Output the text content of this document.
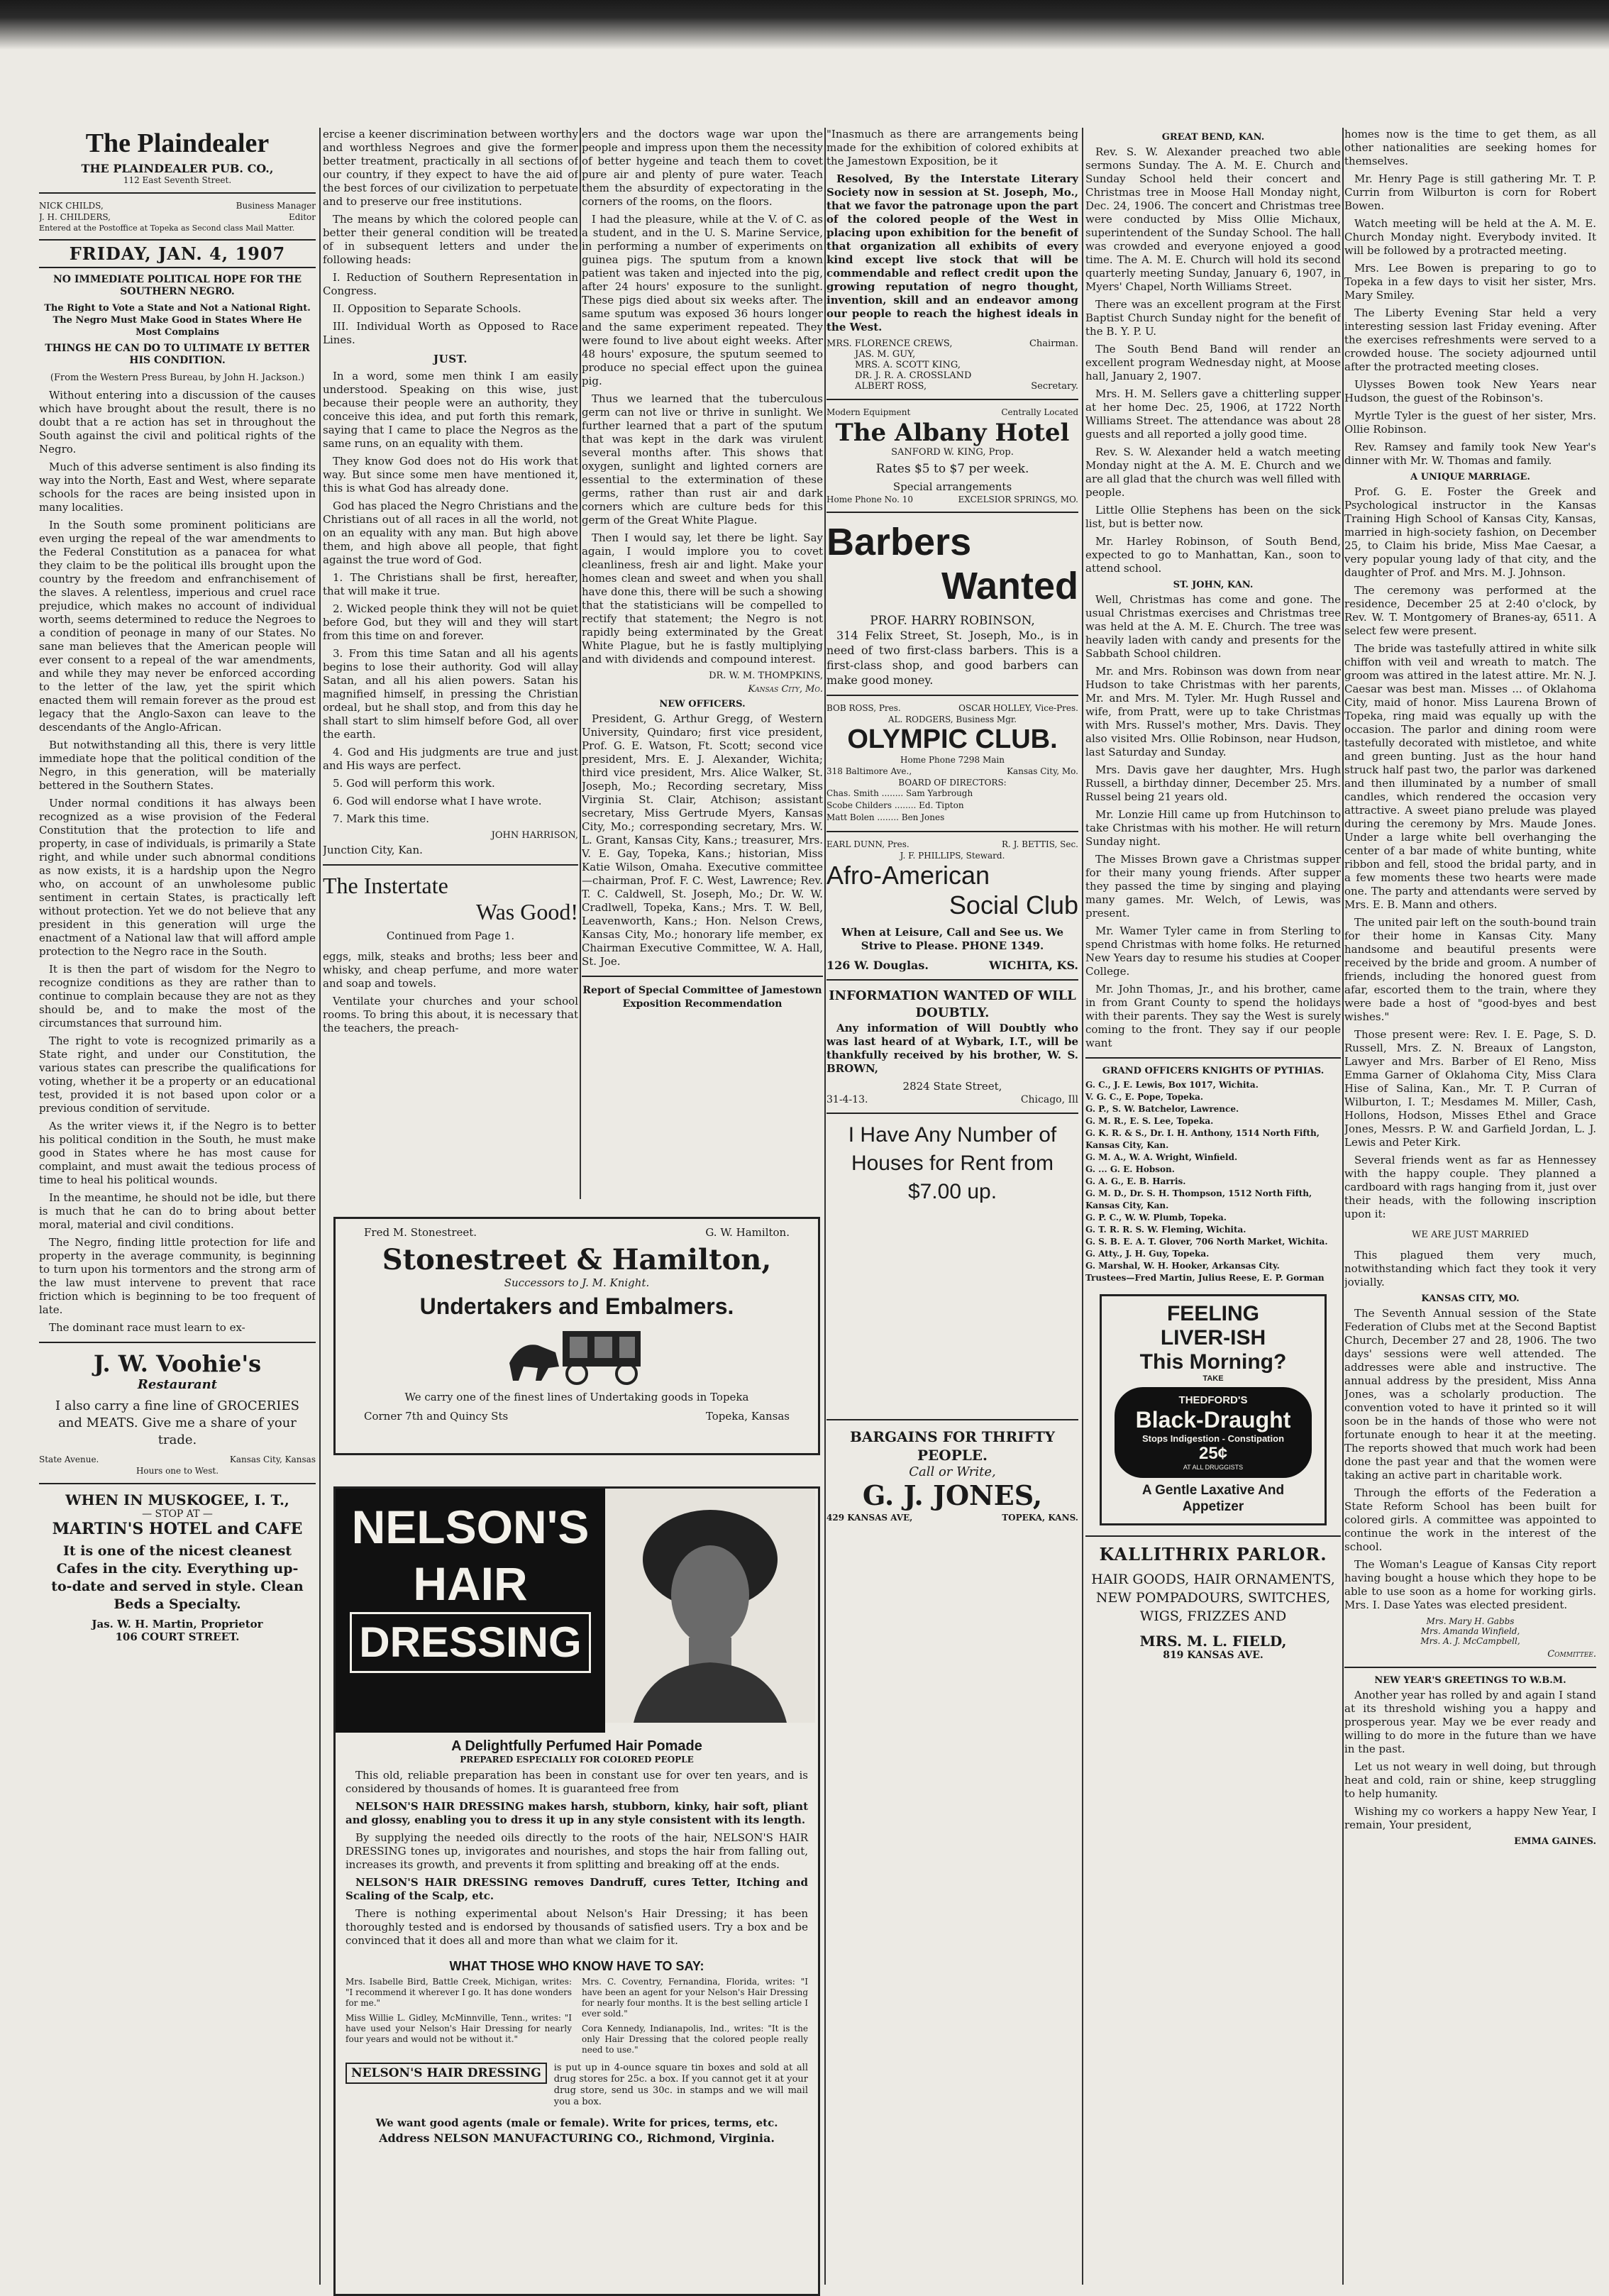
The Plaindealer
THE PLAINDEALER PUB. CO.,
112 East Seventh Street.
NICK CHILDS,	Business Manager
J. H. CHILDERS,	Editor

Entered at the Postoffice at Topeka as Second class Mail Matter.

FRIDAY, JAN. 4, 1907
NO IMMEDIATE POLITICAL HOPE FOR THE SOUTHERN NEGRO.

The Right to Vote a State and Not a National Right. The Negro Must Make Good in States Where He Most Complains

THINGS HE CAN DO TO ULTIMATE LY BETTER HIS CONDITION.

(From the Western Press Bureau, by John H. Jackson.)

Without entering into a discussion of the causes which have brought about the result, there is no doubt that a re action has set in throughout the South against the civil and political rights of the Negro.

Much of this adverse sentiment is also finding its way into the North, East and West, where separate schools for the races are being insisted upon in many localities.

In the South some prominent politicians are even urging the repeal of the war amendments to the Federal Constitution as a panacea for what they claim to be the political ills brought upon the country by the freedom and enfranchisement of the slaves. A relentless, imperious and cruel race prejudice, which makes no account of individual worth, seems determined to reduce the Negroes to a condition of peonage in many of our States. No sane man believes that the American people will ever consent to a repeal of the war amendments, and while they may never be enforced according to the letter of the law, yet the spirit which enacted them will remain forever as the proud est legacy that the Anglo-Saxon can leave to the descendants of the Anglo-African.

But notwithstanding all this, there is very little immediate hope that the political condition of the Negro, in this generation, will be materially bettered in the Southern States.

Under normal conditions it has always been recognized as a wise provision of the Federal Constitution that the protection to life and property, in case of individuals, is primarily a State right, and while under such abnormal conditions as now exists, it is a hardship upon the Negro who, on account of an unwholesome public sentiment in certain States, is practically left without protection. Yet we do not believe that any president in this generation will urge the enactment of a National law that will afford ample protection to the Negro race in the South.

It is then the part of wisdom for the Negro to recognize conditions as they are rather than to continue to complain because they are not as they should be, and to make the most of the circumstances that surround him.

The right to vote is recognized primarily as a State right, and under our Constitution, the various states can prescribe the qualifications for voting, whether it be a property or an educational test, provided it is not based upon color or a previous condition of servitude.

As the writer views it, if the Negro is to better his political condition in the South, he must make good in States where he has most cause for complaint, and must await the tedious process of time to heal his political wounds.

In the meantime, he should not be idle, but there is much that he can do to bring about better moral, material and civil conditions.

The Negro, finding little protection for life and property in the average community, is beginning to turn upon his tormentors and the strong arm of the law must intervene to prevent that race friction which is beginning to be too frequent of late.

The dominant race must learn to ex-

J. W. Voohie's
Restaurant

I also carry a fine line of GROCERIES and MEATS. Give me a share of your trade.

State Avenue.	Kansas City, Kansas
Hours one to West.
WHEN IN MUSKOGEE, I. T.,
— STOP AT —
MARTIN'S HOTEL and CAFE

It is one of the nicest cleanest Cafes in the city. Everything up-to-date and served in style. Clean Beds a Specialty.

Jas. W. H. Martin, Proprietor
106 COURT STREET.

ercise a keener discrimination between worthy and worthless Negroes and give the former better treatment, practically in all sections of our country, if they expect to have the aid of the best forces of our civilization to perpetuate and to preserve our free institutions.

The means by which the colored people can better their general condition will be treated of in subsequent letters and under the following heads:

I. Reduction of Southern Representation in Congress.

II. Opposition to Separate Schools.

III. Individual Worth as Opposed to Race Lines.

JUST.

In a word, some men think I am easily understood. Speaking on this wise, just because their people were an authority, they conceive this idea, and put forth this remark, saying that I came to place the Negros as the same runs, on an equality with them.

They know God does not do His work that way. But since some men have mentioned it, this is what God has already done.

God has placed the Negro Christians and the Christians out of all races in all the world, not on an equality with any man. But high above them, and high above all people, that fight against the true word of God.

1. The Christians shall be first, hereafter, that will make it true.

2. Wicked people think they will not be quiet before God, but they will and they will start from this time on and forever.

3. From this time Satan and all his agents begins to lose their authority. God will allay Satan, and all his alien powers. Satan his magnified himself, in pressing the Christian ordeal, but he shall stop, and from this day he shall start to slim himself before God, all over the earth.

4. God and His judgments are true and just and His ways are perfect.

5. God will perform this work.

6. God will endorse what I have wrote.

7. Mark this time.

JOHN HARRISON,

Junction City, Kan.

The Instertate
Was Good!

Continued from Page 1.

eggs, milk, steaks and broths; less beer and whisky, and cheap perfume, and more water and soap and towels.

Ventilate your churches and your school rooms. To bring this about, it is necessary that the teachers, the preach-

ers and the doctors wage war upon the people and impress upon them the necessity of better hygeine and teach them to covet pure air and plenty of pure water. Teach them the absurdity of expectorating in the corners of the rooms, on the floors.

I had the pleasure, while at the V. of C. as a student, and in the U. S. Marine Service, in performing a number of experiments on guinea pigs. The sputum from a known patient was taken and injected into the pig, after 24 hours' exposure to the sunlight. These pigs died about six weeks after. The same sputum was exposed 36 hours longer and the same experiment repeated. They were found to live about eight weeks. After 48 hours' exposure, the sputum seemed to produce no special effect upon the guinea pig.

Thus we learned that the tuberculous germ can not live or thrive in sunlight. We further learned that a part of the sputum that was kept in the dark was virulent several months after. This shows that oxygen, sunlight and lighted corners are essential to the extermination of these germs, rather than rust air and dark corners which are culture beds for this germ of the Great White Plague.

Then I would say, let there be light. Say again, I would implore you to covet cleanliness, fresh air and light. Make your homes clean and sweet and when you shall have done this, there will be such a showing that the statisticians will be compelled to rectify that statement; the Negro is not rapidly being exterminated by the Great White Plague, but he is fastly multiplying and with dividends and compound interest.

DR. W. M. THOMPKINS,
Kansas City, Mo.
NEW OFFICERS.

President, G. Arthur Gregg, of Western University, Quindaro; first vice president, Prof. G. E. Watson, Ft. Scott; second vice president, Mrs. E. J. Alexander, Wichita; third vice president, Mrs. Alice Walker, St. Joseph, Mo.; Recording secretary, Miss Virginia St. Clair, Atchison; assistant secretary, Miss Gertrude Myers, Kansas City, Mo.; corresponding secretary, Mrs. W. L. Grant, Kansas City, Kans.; treasurer, Mrs. V. E. Gay, Topeka, Kans.; historian, Miss Katie Wilson, Omaha. Executive committee—chairman, Prof. F. C. West, Lawrence; Rev. T. C. Caldwell, St. Joseph, Mo.; Dr. W. W. Cradlwell, Topeka, Kans.; Mrs. T. W. Bell, Leavenworth, Kans.; Hon. Nelson Crews, Kansas City, Mo.; honorary life member, ex Chairman Executive Committee, W. A. Hall, St. Joe.

Report of Special Committee of Jamestown Exposition Recommendation

Fred M. Stonestreet.	G. W. Hamilton.
Stonestreet & Hamilton,
Successors to J. M. Knight.
Undertakers and Embalmers.

We carry one of the finest lines of Undertaking goods in Topeka

Corner 7th and Quincy Sts	Topeka, Kansas
NELSON'S
HAIR
DRESSING
A Delightfully Perfumed Hair Pomade
PREPARED ESPECIALLY FOR COLORED PEOPLE

This old, reliable preparation has been in constant use for over ten years, and is considered by thousands of homes. It is guaranteed free from

NELSON'S HAIR DRESSING makes harsh, stubborn, kinky, hair soft, pliant and glossy, enabling you to dress it up in any style consistent with its length.

By supplying the needed oils directly to the roots of the hair, NELSON'S HAIR DRESSING tones up, invigorates and nourishes, and stops the hair from falling out, increases its growth, and prevents it from splitting and breaking off at the ends.

NELSON'S HAIR DRESSING removes Dandruff, cures Tetter, Itching and Scaling of the Scalp, etc.

There is nothing experimental about Nelson's Hair Dressing; it has been thoroughly tested and is endorsed by thousands of satisfied users. Try a box and be convinced that it does all and more than what we claim for it.

WHAT THOSE WHO KNOW HAVE TO SAY:

Mrs. Isabelle Bird, Battle Creek, Michigan, writes: "I recommend it wherever I go. It has done wonders for me."

Miss Willie L. Gidley, McMinnville, Tenn., writes: "I have used your Nelson's Hair Dressing for nearly four years and would not be without it."

Mrs. C. Coventry, Fernandina, Florida, writes: "I have been an agent for your Nelson's Hair Dressing for nearly four months. It is the best selling article I ever sold."

Cora Kennedy, Indianapolis, Ind., writes: "It is the only Hair Dressing that the colored people really need to use."

NELSON'S HAIR DRESSING	is put up in 4-ounce square tin boxes and sold at all drug stores for 25c. a box. If you cannot get it at your drug store, send us 30c. in stamps and we will mail you a box.

We want good agents (male or female). Write for prices, terms, etc.

Address NELSON MANUFACTURING CO., Richmond, Virginia.

"Inasmuch as there are arrangements being made for the exhibition of colored exhibits at the Jamestown Exposition, be it

Resolved, By the Interstate Literary Society now in session at St. Joseph, Mo., that we favor the patronage upon the part of the colored people of the West in placing upon exhibition for the benefit of that organization all exhibits of every kind except live stock that will be commendable and reflect credit upon the growing reputation of negro thought, invention, skill and an endeavor among our people to reach the highest ideals in the West.

MRS. FLORENCE CREWS,	Chairman.
JAS. M. GUY,
MRS. A. SCOTT KING,
DR. J. R. A. CROSSLAND
ALBERT ROSS,	Secretary.
Modern Equipment	Centrally Located
The Albany Hotel
SANFORD W. KING, Prop.
Rates $5 to $7 per week.
Special arrangements
Home Phone No. 10	EXCELSIOR SPRINGS, MO.
Barbers
Wanted
PROF. HARRY ROBINSON,

314 Felix Street, St. Joseph, Mo., is in need of two first-class barbers. This is a first-class shop, and good barbers can make good money.

BOB ROSS, Pres.	OSCAR HOLLEY, Vice-Pres.
AL. RODGERS, Business Mgr.
OLYMPIC CLUB.
Home Phone 7298 Main
318 Baltimore Ave.,	Kansas City, Mo.
BOARD OF DIRECTORS:

Chas. Smith ........ Sam Yarbrough

Scobe Childers ........ Ed. Tipton

Matt Bolen ........ Ben Jones

EARL DUNN, Pres.	R. J. BETTIS, Sec.
J. F. PHILLIPS, Steward.
Afro-American
Social Club

When at Leisure, Call and See us. We Strive to Please. PHONE 1349.

126 W. Douglas.	WICHITA, KS.
INFORMATION WANTED OF WILL DOUBTLY.

Any information of Will Doubtly who was last heard of at Wybark, I.T., will be thankfully received by his brother, W. S. BROWN,

2824 State Street,
31-4-13.	Chicago, Ill

I Have Any Number of Houses for Rent from $7.00 up.

BARGAINS FOR THRIFTY PEOPLE.
Call or Write,
G. J. JONES,
429 KANSAS AVE,	TOPEKA, KANS.
GREAT BEND, KAN.

Rev. S. W. Alexander preached two able sermons Sunday. The A. M. E. Church and Sunday School held their concert and Christmas tree in Moose Hall Monday night, Dec. 24, 1906. The concert and Christmas tree were conducted by Miss Ollie Michaux, superintendent of the Sunday School. The hall was crowded and everyone enjoyed a good time. The A. M. E. Church will hold its second quarterly meeting Sunday, January 6, 1907, in Myers' Chapel, North Williams Street.

There was an excellent program at the First Baptist Church Sunday night for the benefit of the B. Y. P. U.

The South Bend Band will render an excellent program Wednesday night, at Moose hall, January 2, 1907.

Mrs. H. M. Sellers gave a chitterling supper at her home Dec. 25, 1906, at 1722 North Williams Street. The attendance was about 28 guests and all reported a jolly good time.

Rev. S. W. Alexander held a watch meeting Monday night at the A. M. E. Church and we are all glad that the church was well filled with people.

Little Ollie Stephens has been on the sick list, but is better now.

Mr. Harley Robinson, of South Bend, expected to go to Manhattan, Kan., soon to attend school.

ST. JOHN, KAN.

Well, Christmas has come and gone. The usual Christmas exercises and Christmas tree was held at the A. M. E. Church. The tree was heavily laden with candy and presents for the Sabbath School children.

Mr. and Mrs. Robinson was down from near Hudson to take Christmas with her parents, Mr. and Mrs. M. Tyler. Mr. Hugh Russel and wife, from Pratt, were up to take Christmas with Mrs. Russel's mother, Mrs. Davis. They also visited Mrs. Ollie Robinson, near Hudson, last Saturday and Sunday.

Mrs. Davis gave her daughter, Mrs. Hugh Russell, a birthday dinner, December 25. Mrs. Russel being 21 years old.

Mr. Lonzie Hill came up from Hutchinson to take Christmas with his mother. He will return Sunday night.

The Misses Brown gave a Christmas supper for their many young friends. After supper they passed the time by singing and playing many games. Mr. Welch, of Lewis, was present.

Mr. Wamer Tyler came in from Sterling to spend Christmas with home folks. He returned New Years day to resume his studies at Cooper College.

Mr. John Thomas, Jr., and his brother, came in from Grant County to spend the holidays with their parents. They say the West is surely coming to the front. They say if our people want

GRAND OFFICERS KNIGHTS OF PYTHIAS.

G. C., J. E. Lewis, Box 1017, Wichita.

V. G. C., E. Pope, Topeka.

G. P., S. W. Batchelor, Lawrence.

G. M. R., E. S. Lee, Topeka.

G. K. R. & S., Dr. I. H. Anthony, 1514 North Fifth, Kansas City, Kan.

G. M. A., W. A. Wright, Winfield.

G. ... G. E. Hobson.

G. A. G., E. B. Harris.

G. M. D., Dr. S. H. Thompson, 1512 North Fifth, Kansas City, Kan.

G. P. C., W. W. Plumb, Topeka.

G. T. R. R. S. W. Fleming, Wichita.

G. S. B. E. A. T. Glover, 706 North Market, Wichita.

G. Atty., J. H. Guy, Topeka.

G. Marshal, W. H. Hooker, Arkansas City.

Trustees—Fred Martin, Julius Reese, E. P. Gorman

FEELING
LIVER-ISH
This Morning?
TAKE
THEDFORD'S
Black-Draught
Stops Indigestion - Constipation
25¢
AT ALL DRUGGISTS
A Gentle Laxative And Appetizer
KALLITHRIX PARLOR.

HAIR GOODS, HAIR ORNAMENTS, NEW POMPADOURS, SWITCHES, WIGS, FRIZZES AND

MRS. M. L. FIELD,
819 KANSAS AVE.

homes now is the time to get them, as all other nationalities are seeking homes for themselves.

Mr. Henry Page is still gathering Mr. T. P. Currin from Wilburton is corn for Robert Bowen.

Watch meeting will be held at the A. M. E. Church Monday night. Everybody invited. It will be followed by a protracted meeting.

Mrs. Lee Bowen is preparing to go to Topeka in a few days to visit her sister, Mrs. Mary Smiley.

The Liberty Evening Star held a very interesting session last Friday evening. After the exercises refreshments were served to a crowded house. The society adjourned until after the protracted meeting closes.

Ulysses Bowen took New Years near Hudson, the guest of the Robinson's.

Myrtle Tyler is the guest of her sister, Mrs. Ollie Robinson.

Rev. Ramsey and family took New Year's dinner with Mr. W. Thomas and family.

A UNIQUE MARRIAGE.

Prof. G. E. Foster the Greek and Psychological instructor in the Kansas Training High School of Kansas City, Kansas, married in high-society fashion, on December 25, to Claim his bride, Miss Mae Caesar, a very popular young lady of that city, and the daughter of Prof. and Mrs. M. J. Johnson.

The ceremony was performed at the residence, December 25 at 2:40 o'clock, by Rev. W. T. Montgomery of Branes-ay, 6511. A select few were present.

The bride was tastefully attired in white silk chiffon with veil and wreath to match. The groom was attired in the latest attire. Mr. N. J. Caesar was best man. Misses ... of Oklahoma City, maid of honor. Miss Laurena Brown of Topeka, ring maid was equally up with the occasion. The parlor and dining room were tastefully decorated with mistletoe, and white and green bunting. Just as the hour hand struck half past two, the parlor was darkened and then illuminated by a number of small candles, which rendered the occasion very attractive. A sweet piano prelude was played during the ceremony by Mrs. Maude Jones. Under a large white bell overhanging the center of a bar made of white bunting, white ribbon and fell, stood the bridal party, and in a few moments these two hearts were made one. The party and attendants were served by Mrs. E. B. Mann and others.

The united pair left on the south-bound train for their home in Kansas City. Many handsome and beautiful presents were received by the bride and groom. A number of friends, including the honored guest from afar, escorted them to the train, where they were bade a host of "good-byes and best wishes."

Those present were: Rev. I. E. Page, S. D. Russell, Mrs. Z. N. Breaux of Langston, Lawyer and Mrs. Barber of El Reno, Miss Emma Garner of Oklahoma City, Miss Clara Hise of Salina, Kan., Mr. T. P. Curran of Wilburton, I. T.; Mesdames M. Miller, Cash, Hollons, Hodson, Misses Ethel and Grace Jones, Messrs. P. W. and Garfield Jordan, L. J. Lewis and Peter Kirk.

Several friends went as far as Hennessey with the happy couple. They planned a cardboard with rags hanging from it, just over their heads, with the following inscription upon it:

WE ARE JUST MARRIED

This plagued them very much, notwithstanding which fact they took it very jovially.

KANSAS CITY, MO.

The Seventh Annual session of the State Federation of Clubs met at the Second Baptist Church, December 27 and 28, 1906. The two days' sessions were well attended. The addresses were able and instructive. The annual address by the president, Miss Anna Jones, was a scholarly production. The convention voted to have it printed so it will soon be in the hands of those who were not fortunate enough to hear it at the meeting. The reports showed that much work had been done the past year and that the women were taking an active part in charitable work.

Through the efforts of the Federation a State Reform School has been built for colored girls. A committee was appointed to continue the work in the interest of the school.

The Woman's League of Kansas City report having bought a house which they hope to be able to use soon as a home for working girls. Mrs. I. Dase Yates was elected president.

Mrs. Mary H. Gabbs
Mrs. Amanda Winfield,
Mrs. A. J. McCampbell,
Committee.
NEW YEAR'S GREETINGS TO W.B.M.

Another year has rolled by and again I stand at its threshold wishing you a happy and prosperous year. May we be ever ready and willing to do more in the future than we have in the past.

Let us not weary in well doing, but through heat and cold, rain or shine, keep struggling to help humanity.

Wishing my co workers a happy New Year, I remain, Your president,

EMMA GAINES.
